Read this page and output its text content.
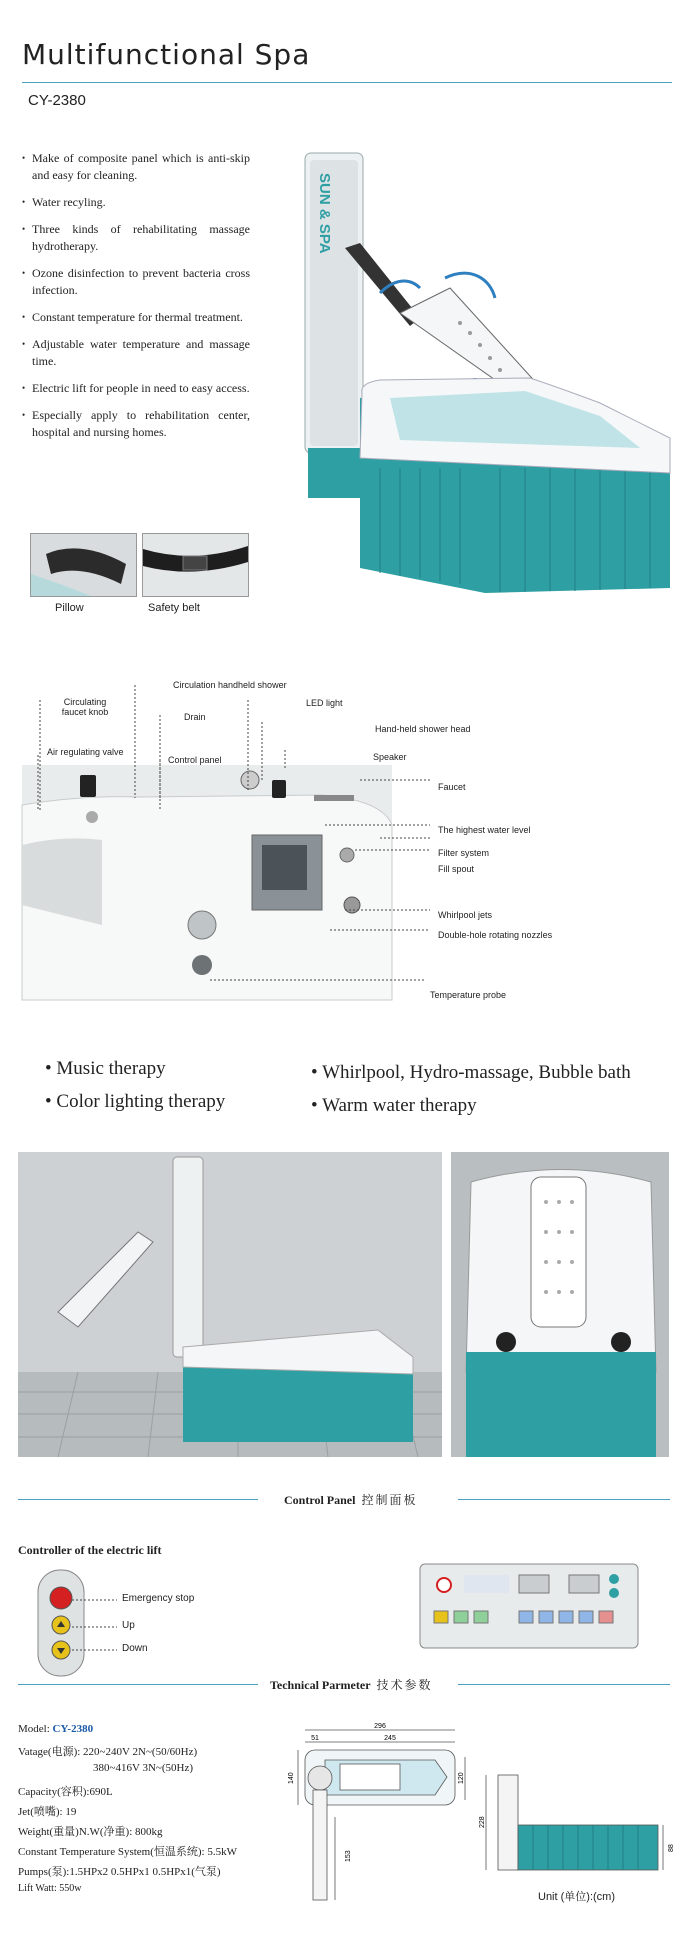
Multifunctional Spa
CY-2380
• Make of composite panel which is anti-skip and easy for cleaning.
• Water recyling.
• Three kinds of rehabilitating massage hydrotherapy.
• Ozone disinfection to prevent bacteria cross infection.
• Constant temperature for thermal treatment.
• Adjustable water temperature and massage time.
• Electric lift for people in need to easy access.
• Especially apply to rehabilitation center, hospital and nursing homes.
SUN & SPA
Pillow	Safety belt
Circulating faucet knob
Circulation handheld shower
LED light
Drain
Hand-held shower head
Air regulating valve
Control panel	Speaker
Faucet
The highest water level
Filter system
Fill spout
Whirlpool jets
Double-hole rotating nozzles
Temperature probe
• Music therapy
• Color lighting therapy
• Whirlpool, Hydro-massage, Bubble bath
• Warm water therapy
Control Panel 控制面板
Controller of the electric lift
Emergency stop
Up
Down
Technical Parmeter 技术参数
Model: CY-2380
Vatage(电源): 220~240V 2N~(50/60Hz)
380~416V 3N~(50Hz)
Capacity(容积):690L
Jet(喷嘴): 19
Weight(重量)N.W(净重): 800kg
Constant Temperature System(恒温系统): 5.5kW
Pumps(泵):1.5HPx2 0.5HPx1 0.5HPx1(气泵)
Lift Watt: 550w
296
51	245
140	120
153
228
88
Unit (单位):(cm)
